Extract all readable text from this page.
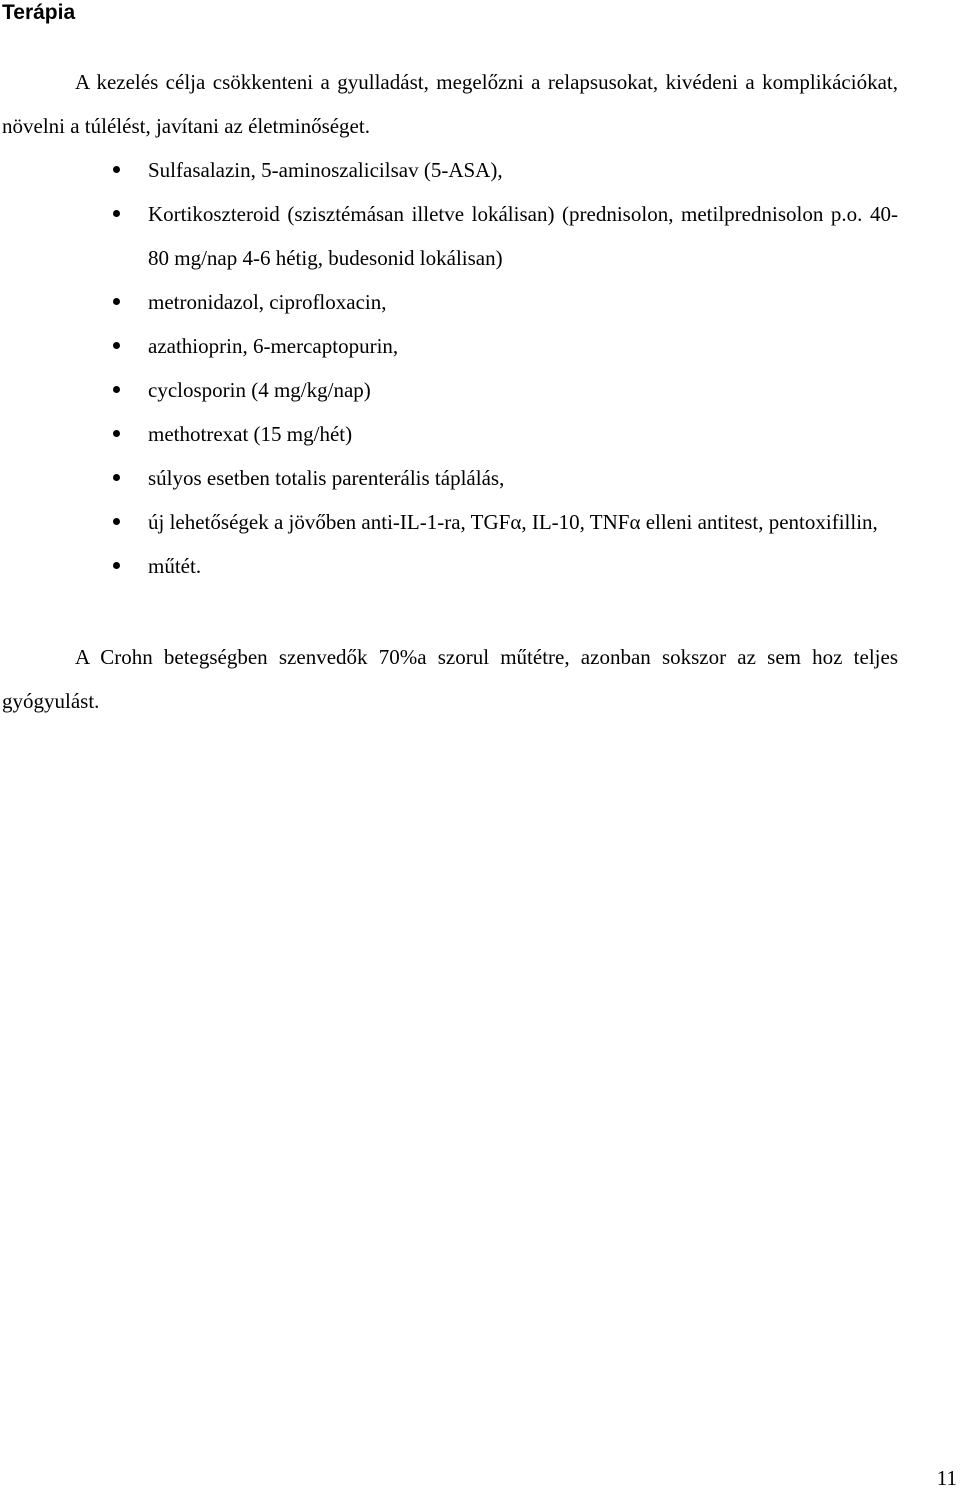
Terápia

A kezelés célja csökkenteni a gyulladást, megelőzni a relapsusokat, kivédeni a komplikációkat, növelni a túlélést, javítani az életminőséget.

Sulfasalazin, 5-aminoszalicilsav (5-ASA),
Kortikoszteroid (szisztémásan illetve lokálisan) (prednisolon, metilprednisolon p.o. 40-80 mg/nap 4-6 hétig, budesonid lokálisan)
metronidazol, ciprofloxacin,
azathioprin, 6-mercaptopurin,
cyclosporin (4 mg/kg/nap)
methotrexat (15 mg/hét)
súlyos esetben totalis parenterális táplálás,
új lehetőségek a jövőben anti-IL-1-ra, TGFα, IL-10, TNFα elleni antitest, pentoxifillin,
műtét.

A Crohn betegségben szenvedők 70%a szorul műtétre, azonban sokszor az sem hoz teljes gyógyulást.

11
